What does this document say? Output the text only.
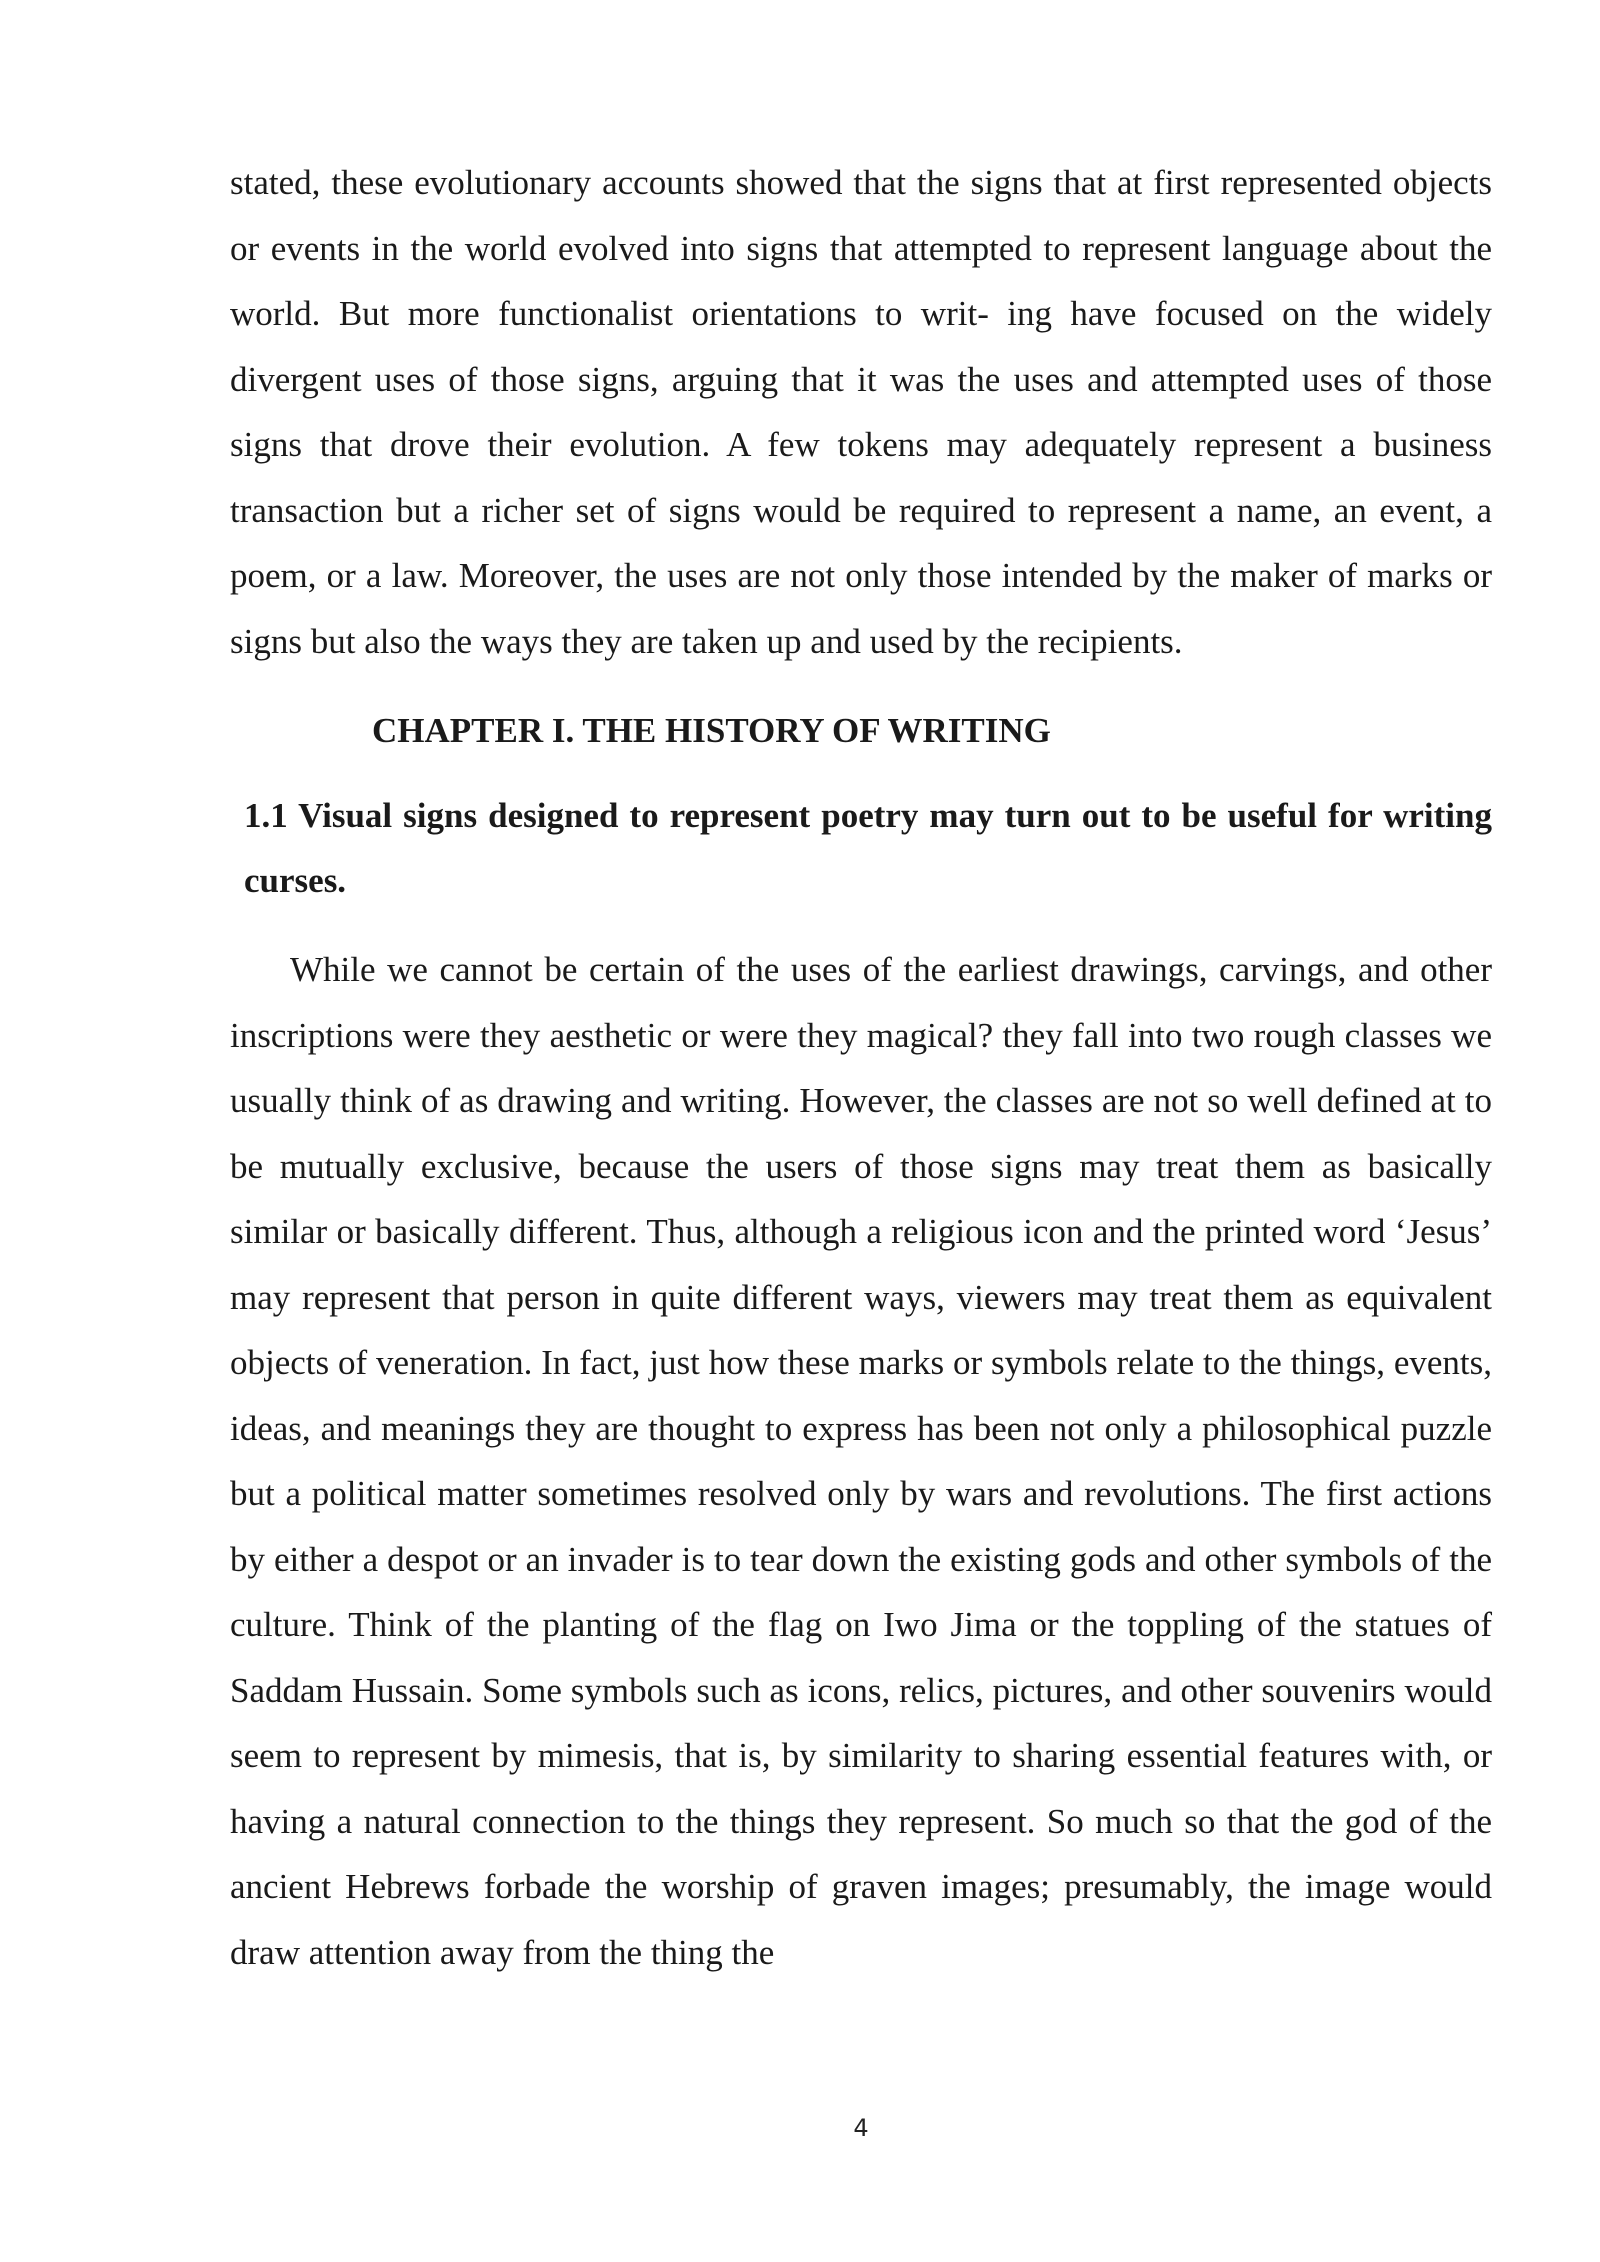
stated, these evolutionary accounts showed that the signs that at first represented objects or events in the world evolved into signs that attempted to represent language about the world. But more functionalist orientations to writ- ing have focused on the widely divergent uses of those signs, arguing that it was the uses and attempted uses of those signs that drove their evolution. A few tokens may adequately represent a business transaction but a richer set of signs would be required to represent a name, an event, a poem, or a law. Moreover, the uses are not only those intended by the maker of marks or signs but also the ways they are taken up and used by the recipients.

CHAPTER I. THE HISTORY OF WRITING
1.1 Visual signs designed to represent poetry may turn out to be useful for writing curses.

While we cannot be certain of the uses of the earliest drawings, carvings, and other inscriptions were they aesthetic or were they magical? they fall into two rough classes we usually think of as drawing and writing. However, the classes are not so well defined at to be mutually exclusive, because the users of those signs may treat them as basically similar or basically different. Thus, although a religious icon and the printed word ‘Jesus’ may represent that person in quite different ways, viewers may treat them as equivalent objects of veneration. In fact, just how these marks or symbols relate to the things, events, ideas, and meanings they are thought to express has been not only a philosophical puzzle but a political matter sometimes resolved only by wars and revolutions. The first actions by either a despot or an invader is to tear down the existing gods and other symbols of the culture. Think of the planting of the flag on Iwo Jima or the toppling of the statues of Saddam Hussain. Some symbols such as icons, relics, pictures, and other souvenirs would seem to represent by mimesis, that is, by similarity to sharing essential features with, or having a natural connection to the things they represent. So much so that the god of the ancient Hebrews forbade the worship of graven images; presumably, the image would draw attention away from the thing the

4
